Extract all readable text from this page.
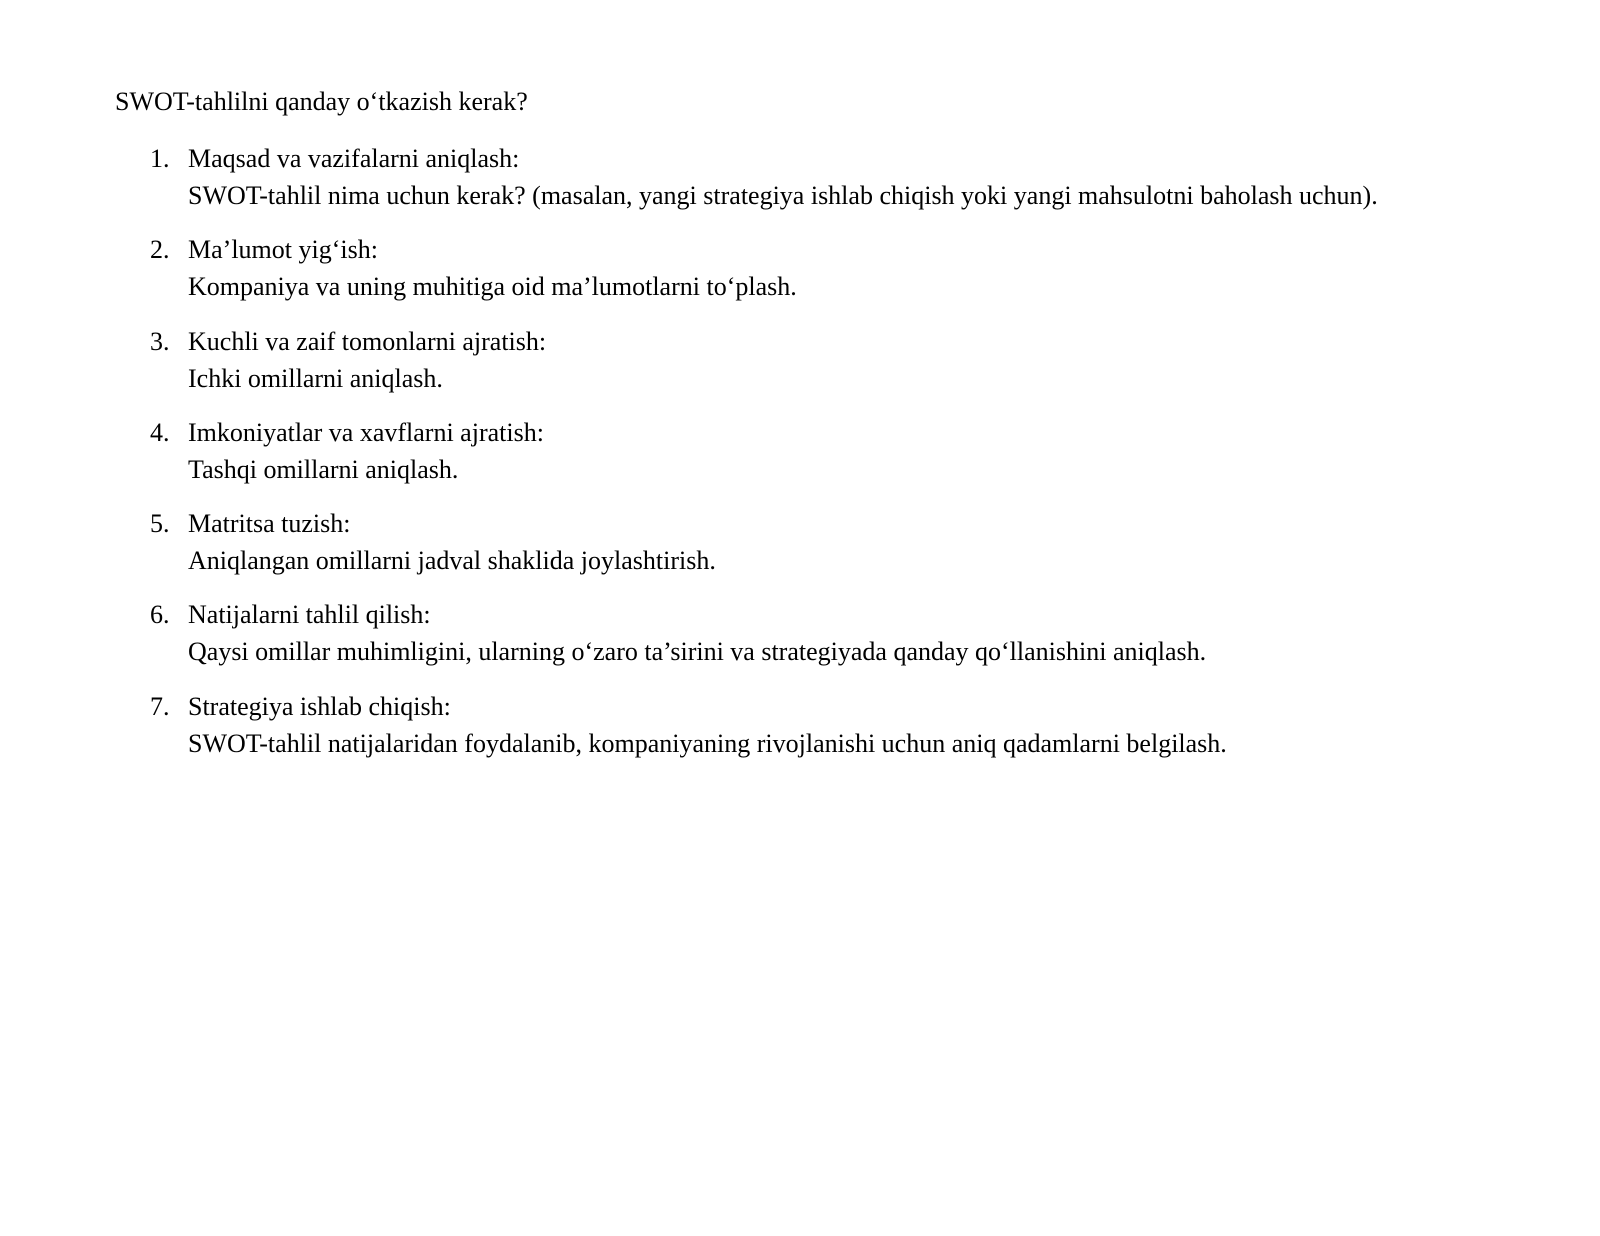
SWOT-tahlilni qanday o‘tkazish kerak?
1. Maqsad va vazifalarni aniqlash:
SWOT-tahlil nima uchun kerak? (masalan, yangi strategiya ishlab chiqish yoki yangi mahsulotni baholash uchun).
2. Ma’lumot yig‘ish:
Kompaniya va uning muhitiga oid ma’lumotlarni to‘plash.
3. Kuchli va zaif tomonlarni ajratish:
Ichki omillarni aniqlash.
4. Imkoniyatlar va xavflarni ajratish:
Tashqi omillarni aniqlash.
5. Matritsa tuzish:
Aniqlangan omillarni jadval shaklida joylashtirish.
6. Natijalarni tahlil qilish:
Qaysi omillar muhimligini, ularning o‘zaro ta’sirini va strategiyada qanday qo‘llanishini aniqlash.
7. Strategiya ishlab chiqish:
SWOT-tahlil natijalaridan foydalanib, kompaniyaning rivojlanishi uchun aniq qadamlarni belgilash.
